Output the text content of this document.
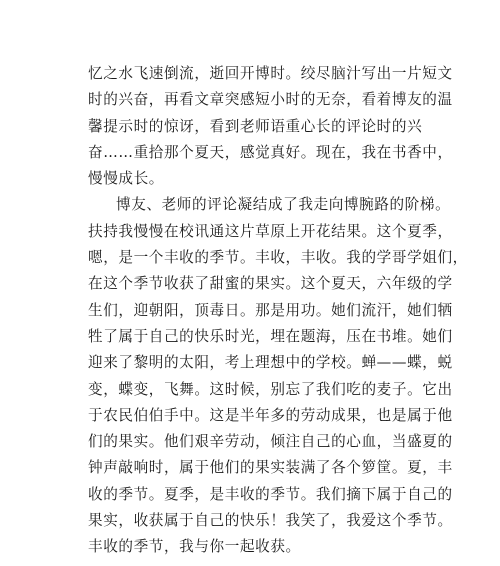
忆之水飞速倒流，逝回开博时。绞尽脑汁写出一片短文
时的兴奋，再看文章突感短小时的无奈，看着博友的温
馨提示时的惊讶，看到老师语重心长的评论时的兴
奋……重拾那个夏天，感觉真好。现在，我在书香中，
慢慢成长。
博友、老师的评论凝结成了我走向博腕路的阶梯。
扶持我慢慢在校讯通这片草原上开花结果。这个夏季，
嗯，是一个丰收的季节。丰收，丰收。我的学哥学姐们，
在这个季节收获了甜蜜的果实。这个夏天，六年级的学
生们，迎朝阳，顶毒日。那是用功。她们流汗，她们牺
牲了属于自己的快乐时光，埋在题海，压在书堆。她们
迎来了黎明的太阳，考上理想中的学校。蝉——蝶，蜕
变，蝶变，飞舞。这时候，别忘了我们吃的麦子。它出
于农民伯伯手中。这是半年多的劳动成果，也是属于他
们的果实。他们艰辛劳动，倾注自己的心血，当盛夏的
钟声敲响时，属于他们的果实装满了各个箩筐。夏，丰
收的季节。夏季，是丰收的季节。我们摘下属于自己的
果实，收获属于自己的快乐！我笑了，我爱这个季节。
丰收的季节，我与你一起收获。
